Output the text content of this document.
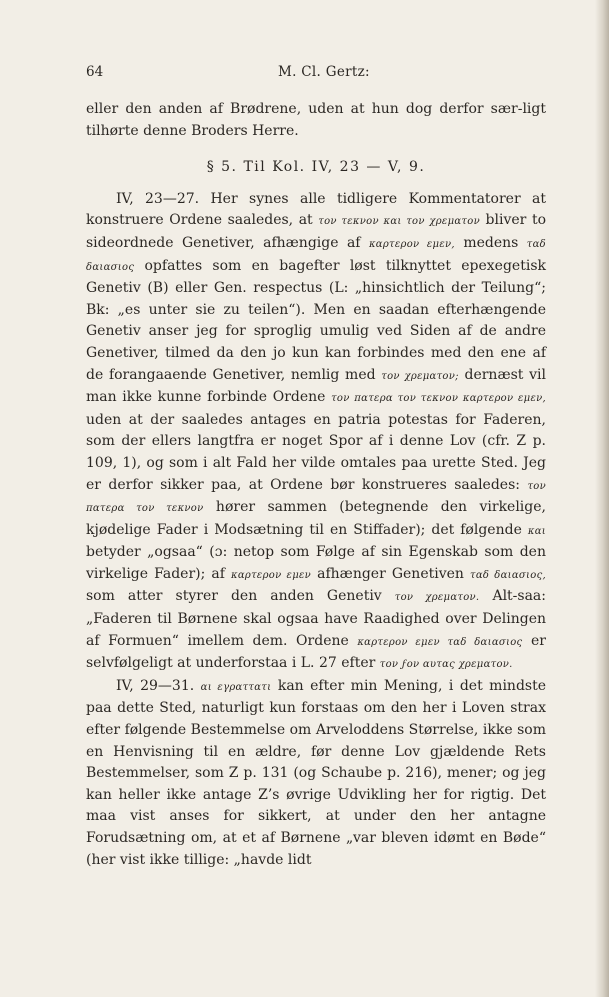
64	M. Cl. Gertz:

eller den anden af Brødrene, uden at hun dog derfor sær-ligt tilhørte denne Broders Herre.

§ 5. Til Kol. IV, 23 — V, 9.

IV, 23—27. Her synes alle tidligere Kommentatorer at konstruere Ordene saaledes, at τον τεκνον και τον χρεματον bliver to sideordnede Genetiver, afhængige af καρτερον εμεν, medens ταδ δαιασιος opfattes som en bagefter løst tilknyttet epexegetisk Genetiv (B) eller Gen. respectus (L: „hinsichtlich der Teilung“; Bk: „es unter sie zu teilen“). Men en saadan efterhængende Genetiv anser jeg for sproglig umulig ved Siden af de andre Genetiver, tilmed da den jo kun kan forbindes med den ene af de forangaaende Genetiver, nemlig med τον χρεματον; dernæst vil man ikke kunne forbinde Ordene τον πατερα τον τεκνον καρτερον εμεν, uden at der saaledes antages en patria potestas for Faderen, som der ellers langtfra er noget Spor af i denne Lov (cfr. Z p. 109, 1), og som i alt Fald her vilde omtales paa urette Sted. Jeg er derfor sikker paa, at Ordene bør konstrueres saaledes: τον πατερα τον τεκνον hører sammen (betegnende den virkelige, kjødelige Fader i Modsætning til en Stiffader); det følgende και betyder „ogsaa“ (ɔ: netop som Følge af sin Egenskab som den virkelige Fader); af καρτερον εμεν afhænger Genetiven ταδ δαιασιος, som atter styrer den anden Genetiv τον χρεματον. Alt-saa: „Faderen til Børnene skal ogsaa have Raadighed over Delingen af Formuen“ imellem dem. Ordene καρτερον εμεν ταδ δαιασιος er selvfølgeligt at underforstaa i L. 27 efter τον ϝον αυτας χρεματον.

IV, 29—31. αι εγραττατι kan efter min Mening, i det mindste paa dette Sted, naturligt kun forstaas om den her i Loven strax efter følgende Bestemmelse om Arveloddens Størrelse, ikke som en Henvisning til en ældre, før denne Lov gjældende Rets Bestemmelser, som Z p. 131 (og Schaube p. 216), mener; og jeg kan heller ikke antage Z’s øvrige Udvikling her for rigtig. Det maa vist anses for sikkert, at under den her antagne Forudsætning om, at et af Børnene „var bleven idømt en Bøde“ (her vist ikke tillige: „havde lidt
